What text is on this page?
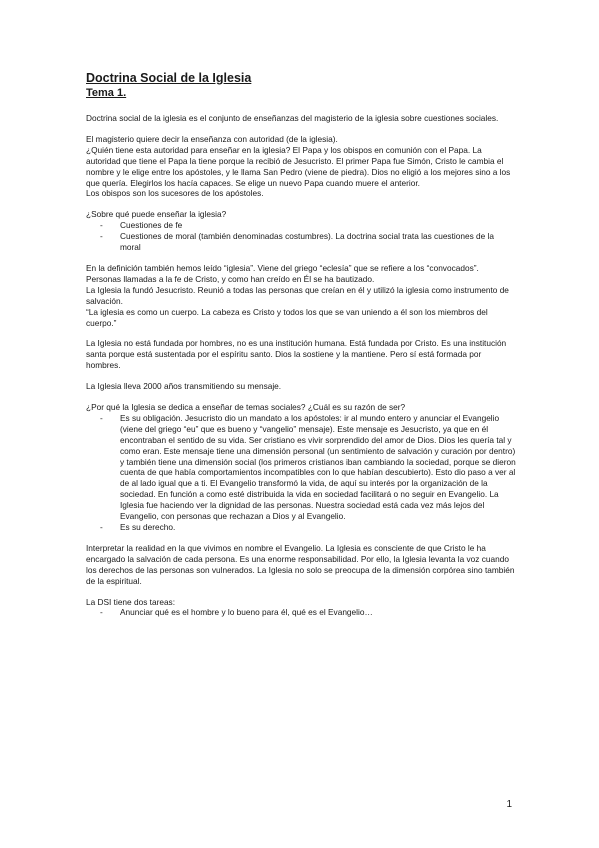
Doctrina Social de la Iglesia
Tema 1.

Doctrina social de la iglesia es el conjunto de enseñanzas del magisterio de la iglesia sobre cuestiones sociales.

El magisterio quiere decir la enseñanza con autoridad (de la iglesia).

¿Quién tiene esta autoridad para enseñar en la iglesia? El Papa y los obispos en comunión con el Papa. La autoridad que tiene el Papa la tiene porque la recibió de Jesucristo. El primer Papa fue Simón, Cristo le cambia el nombre y le elige entre los apóstoles, y le llama San Pedro (viene de piedra). Dios no eligió a los mejores sino a los que quería. Elegirlos los hacía capaces. Se elige un nuevo Papa cuando muere el anterior.

Los obispos son los sucesores de los apóstoles.

¿Sobre qué puede enseñar la iglesia?

- Cuestiones de fe
- Cuestiones de moral (también denominadas costumbres). La doctrina social trata las cuestiones de la moral

En la definición también hemos leído “iglesia”. Viene del griego “eclesía” que se refiere a los “convocados”. Personas llamadas a la fe de Cristo, y como han creído en Él se ha bautizado.

La Iglesia la fundó Jesucristo. Reunió a todas las personas que creían en él y utilizó la iglesia como instrumento de salvación.

“La iglesia es como un cuerpo. La cabeza es Cristo y todos los que se van uniendo a él son los miembros del cuerpo.”

La Iglesia no está fundada por hombres, no es una institución humana. Está fundada por Cristo. Es una institución santa porque está sustentada por el espíritu santo. Dios la sostiene y la mantiene. Pero sí está formada por hombres.

La Iglesia lleva 2000 años transmitiendo su mensaje.

¿Por qué la Iglesia se dedica a enseñar de temas sociales? ¿Cuál es su razón de ser?

- Es su obligación. Jesucristo dio un mandato a los apóstoles: ir al mundo entero y anunciar el Evangelio (viene del griego “eu” que es bueno y “vangelio” mensaje). Este mensaje es Jesucristo, ya que en él encontraban el sentido de su vida. Ser cristiano es vivir sorprendido del amor de Dios. Dios les quería tal y como eran. Este mensaje tiene una dimensión personal (un sentimiento de salvación y curación por dentro) y también tiene una dimensión social (los primeros cristianos iban cambiando la sociedad, porque se dieron cuenta de que había comportamientos incompatibles con lo que habían descubierto). Esto dio paso a ver al de al lado igual que a ti. El Evangelio transformó la vida, de aquí su interés por la organización de la sociedad. En función a como esté distribuida la vida en sociedad facilitará o no seguir en Evangelio. La Iglesia fue haciendo ver la dignidad de las personas. Nuestra sociedad está cada vez más lejos del Evangelio, con personas que rechazan a Dios y al Evangelio.
- Es su derecho.

Interpretar la realidad en la que vivimos en nombre el Evangelio. La Iglesia es consciente de que Cristo le ha encargado la salvación de cada persona. Es una enorme responsabilidad. Por ello, la Iglesia levanta la voz cuando los derechos de las personas son vulnerados. La Iglesia no solo se preocupa de la dimensión corpórea sino también de la espiritual.

La DSI tiene dos tareas:

- Anunciar qué es el hombre y lo bueno para él, qué es el Evangelio…
1
